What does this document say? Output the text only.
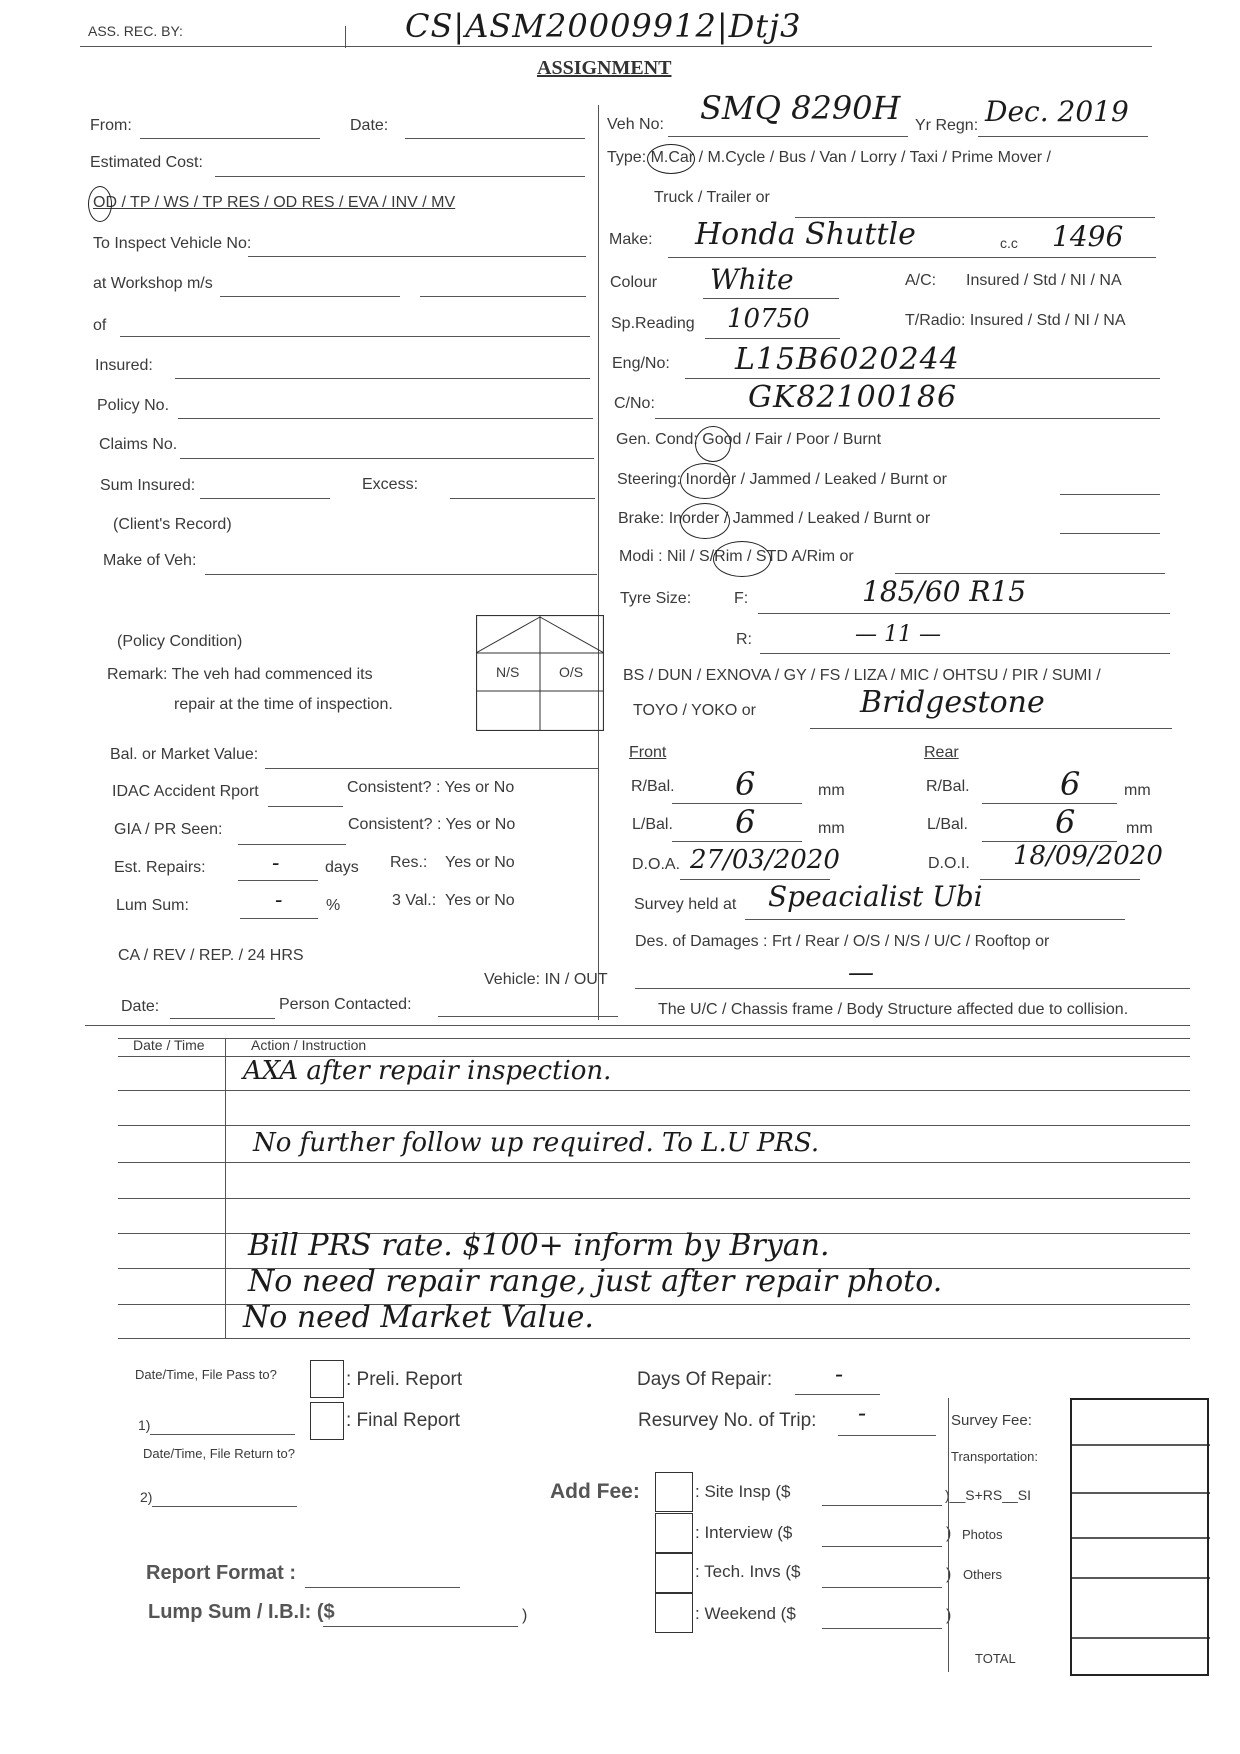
ASS. REC. BY:	CS|ASM20009912|Dtj3
ASSIGNMENT
From:	Date:
Estimated Cost:
OD / TP / WS / TP RES / OD RES / EVA / INV / MV
To Inspect Vehicle No:
at Workshop m/s
of
Insured:
Policy No.
Claims No.
Sum Insured:	Excess:
(Client's Record)
Make of Veh:
(Policy Condition)
N/S	O/S
Remark: The veh had commenced its
repair at the time of inspection.
Bal. or Market Value:
IDAC Accident Rport	Consistent? : Yes or No
GIA / PR Seen:	Consistent? : Yes or No
Est. Repairs:	-	days Res.: Yes or No
Lum Sum:	-	%	3 Val.: Yes or No
CA / REV / REP. / 24 HRS
Vehicle: IN / OUT
Date:	Person Contacted:
Veh No: SMQ 8290H Yr Regn: Dec. 2019
Type: M.Car / M.Cycle / Bus / Van / Lorry / Taxi / Prime Mover /
Truck / Trailer or
Make: Honda Shuttle	c.c 1496
Colour White	A/C: Insured / Std / NI / NA
Sp.Reading 10750	T/Radio: Insured / Std / NI / NA
Eng/No: L15B6020244
C/No:	GK82100186
Gen. Cond: Good / Fair / Poor / Burnt
Steering: Inorder / Jammed / Leaked / Burnt or
Brake: Inorder / Jammed / Leaked / Burnt or
Modi : Nil / S/Rim / STD A/Rim or
Tyre Size:	F:	185/60 R15
R:	— 11 —
BS / DUN / EXNOVA / GY / FS / LIZA / MIC / OHTSU / PIR / SUMI /
TOYO / YOKO or	Bridgestone
Front	Rear
R/Bal. 6	mm	R/Bal.	6	mm
L/Bal. 6	mm	L/Bal.	6	mm
D.O.A. 27/03/2020	D.O.I. 18/09/2020
Survey held at Speacialist Ubi
Des. of Damages : Frt / Rear / O/S / N/S / U/C / Rooftop or
—
The U/C / Chassis frame / Body Structure affected due to collision.
Date / Time	Action / Instruction
AXA after repair inspection.
No further follow up required. To L.U PRS.
Bill PRS rate. $100+ inform by Bryan.
No need repair range, just after repair photo.
No need Market Value.
Date/Time, File Pass to?
1)
Date/Time, File Return to?
2)
: Preli. Report
: Final Report
Report Format :
Lump Sum / I.B.I: ($	)
Days Of Repair:	-
Resurvey No. of Trip: -
Add Fee:	: Site Insp ($	)__S+RS__SI
: Interview ($	)
: Tech. Invs ($	)
: Weekend ($	)
Survey Fee:
Transportation:
Photos
Others
TOTAL
